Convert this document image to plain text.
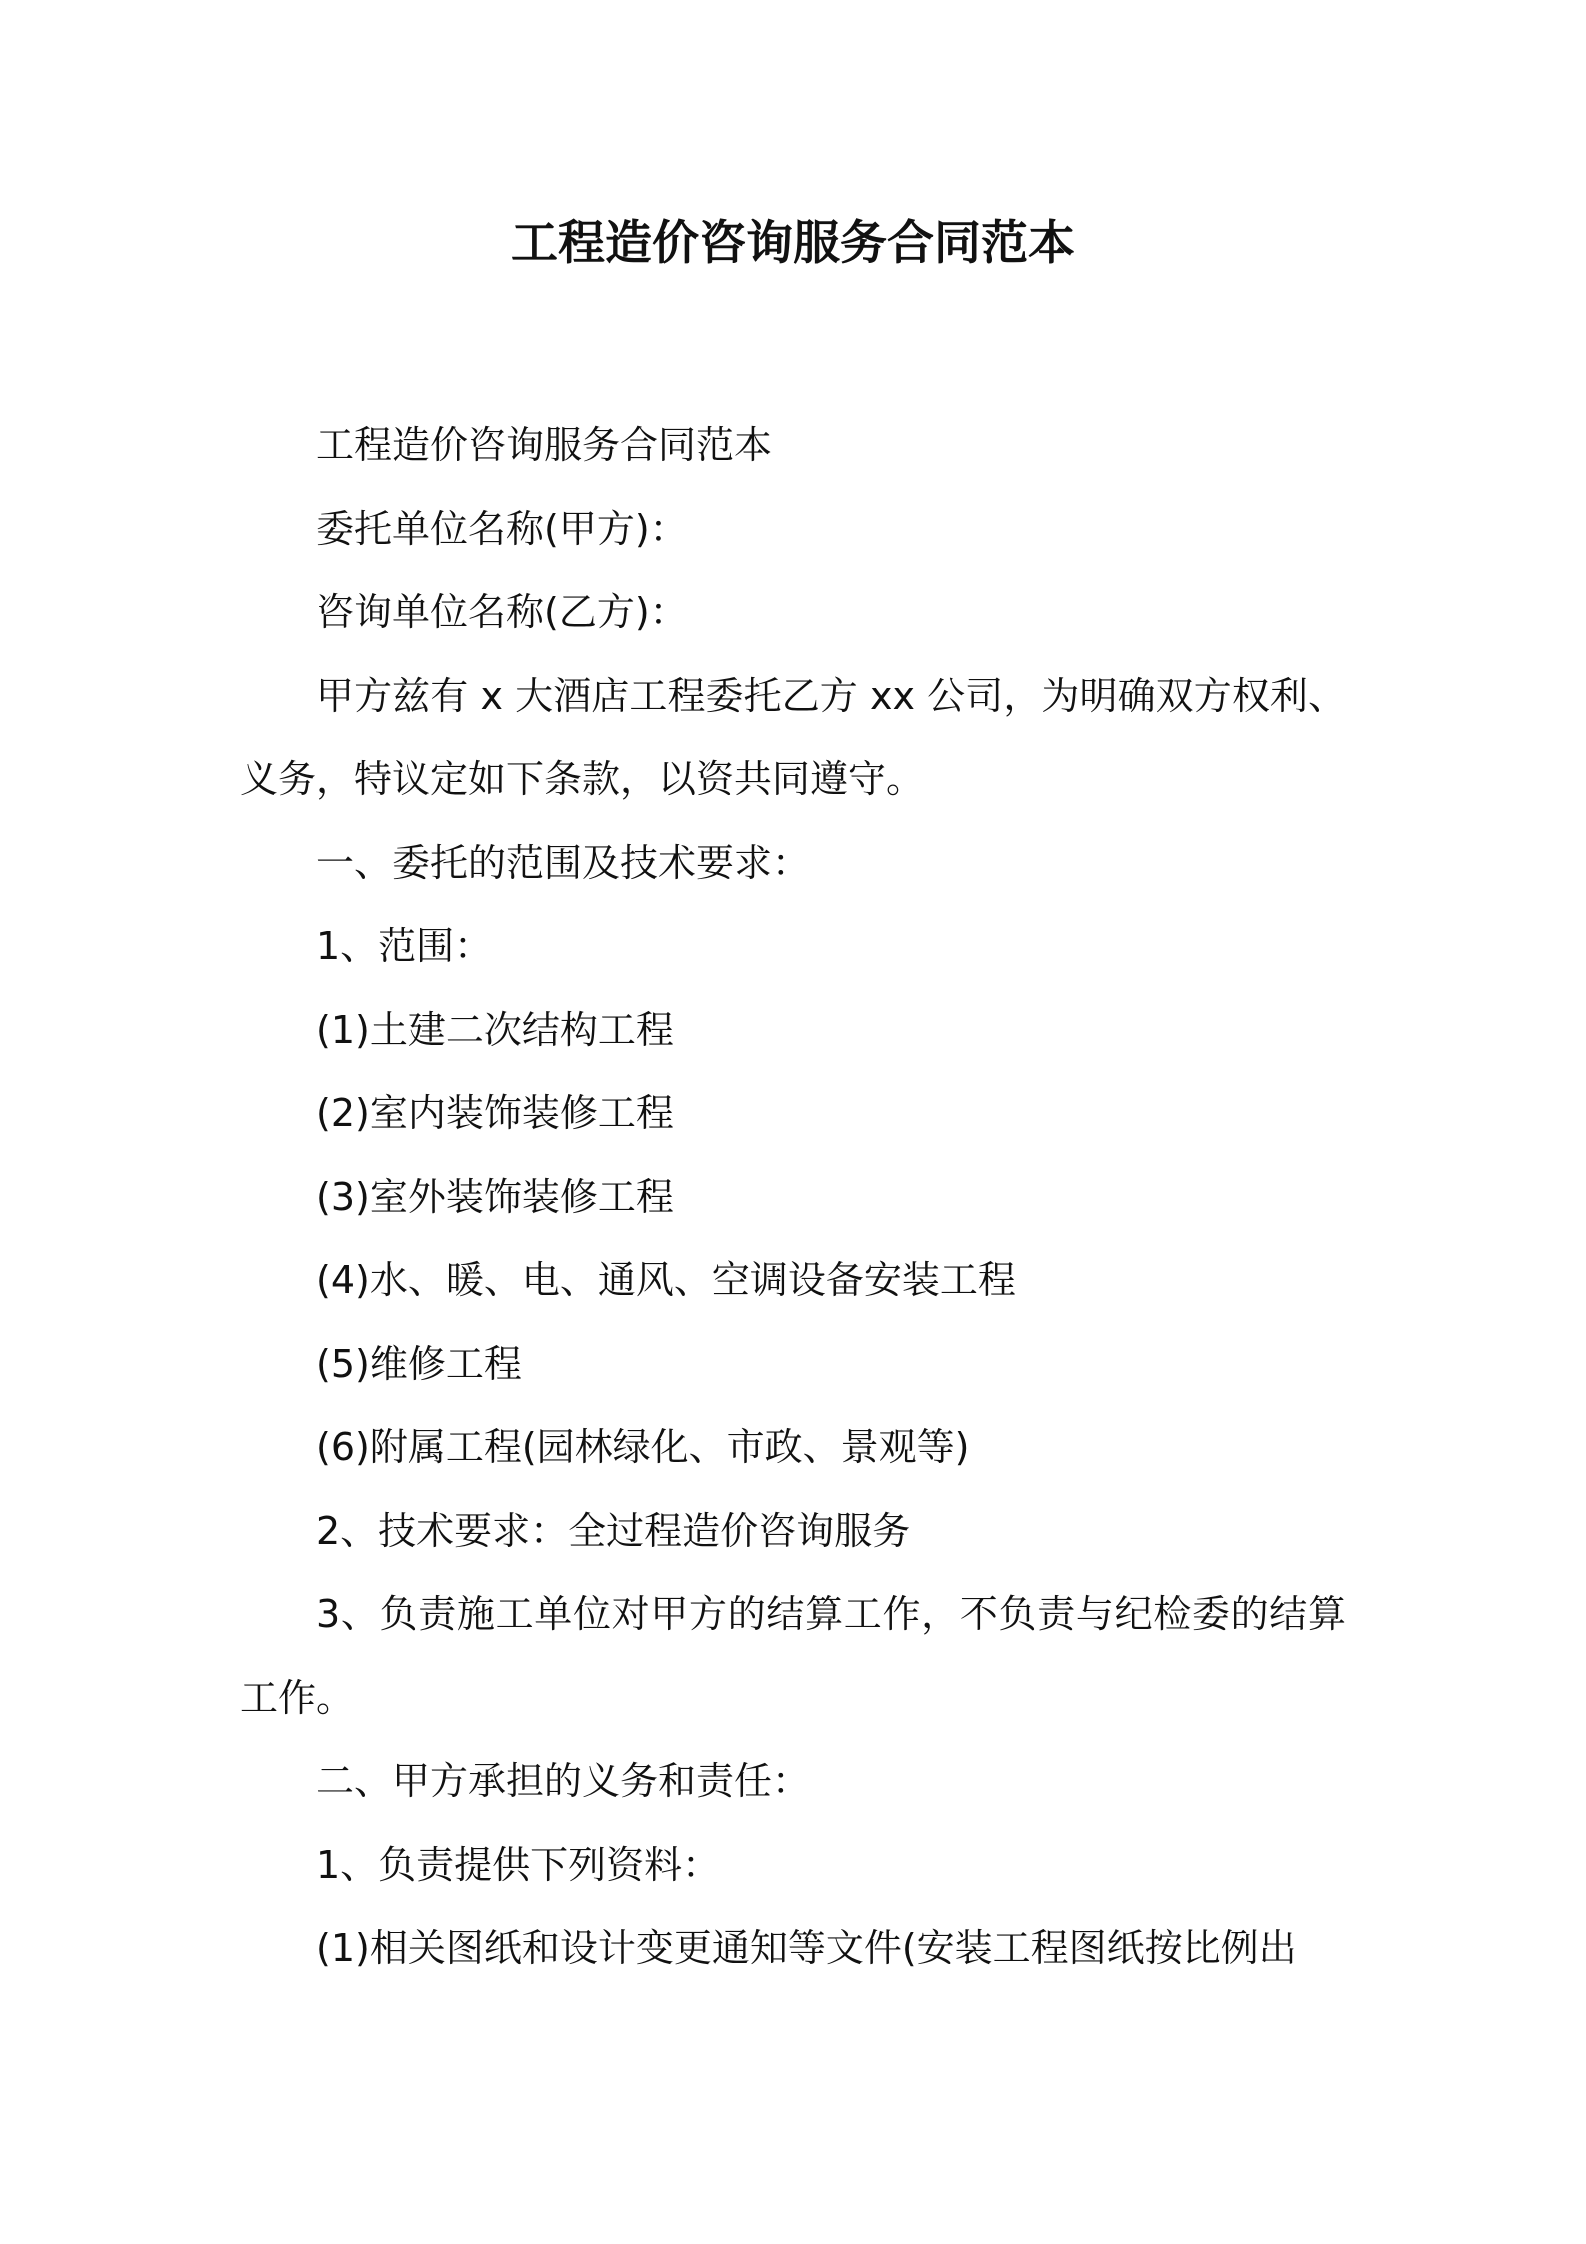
工程造价咨询服务合同范本

工程造价咨询服务合同范本

委托单位名称(甲方)：

咨询单位名称(乙方)：

甲方兹有 x 大酒店工程委托乙方 xx 公司，为明确双方权利、义务，特议定如下条款，以资共同遵守。

一、委托的范围及技术要求：

1、范围：

(1)土建二次结构工程

(2)室内装饰装修工程

(3)室外装饰装修工程

(4)水、暖、电、通风、空调设备安装工程

(5)维修工程

(6)附属工程(园林绿化、市政、景观等)

2、技术要求：全过程造价咨询服务

3、负责施工单位对甲方的结算工作，不负责与纪检委的结算工作。

二、甲方承担的义务和责任：

1、负责提供下列资料：

(1)相关图纸和设计变更通知等文件(安装工程图纸按比例出
